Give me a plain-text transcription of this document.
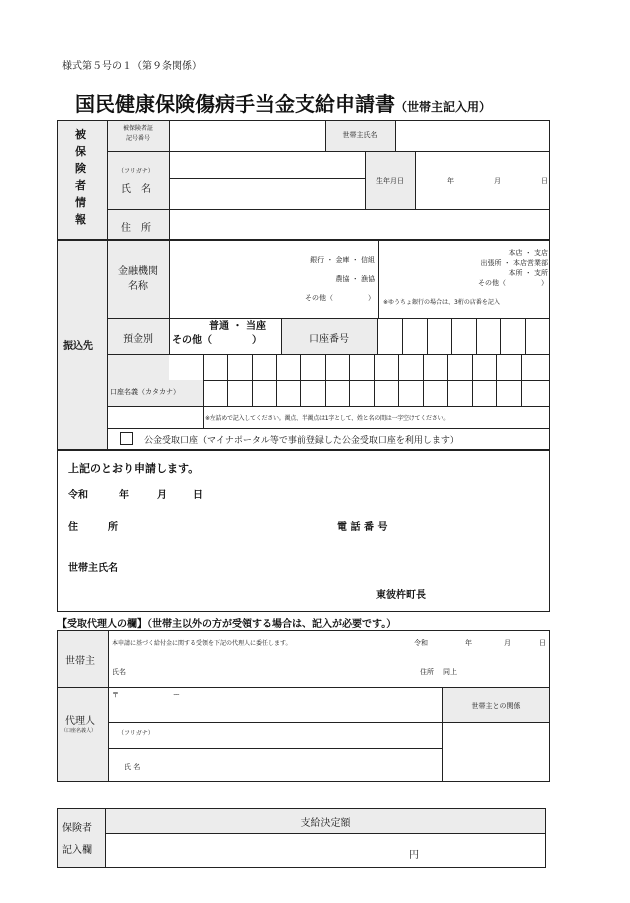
様式第５号の１（第９条関係）
国民健康保険傷病手当金支給申請書（世帯主記入用）
被
保
険
者
情
報
被保険者証
記号番号	世帯主氏名
（フリガナ）
氏　名
生年月日	年	月	日
住　所
振込先
金融機関
名称
銀行 ・ 金庫 ・ 信組
農協 ・ 漁協
その他（　　　　　）
本店 ・ 支店
出張所 ・ 本店営業部
本所 ・ 支所
その他（　　　　　）
※ゆうちょ銀行の場合は、3桁の店番を記入
預金別
普通 ・ 当座
その他（　　　　）	口座番号
口座名義（カタカナ）
※左詰めで記入してください。濁点、半濁点は1字として、姓と名の間は一字空けてください。
公金受取口座（マイナポータル等で事前登録した公金受取口座を利用します）
上記のとおり申請します。
令和	年	月	日
住　　　所	電 話 番 号
世帯主氏名
東彼杵町長
【受取代理人の欄】（世帯主以外の方が受領する場合は、記入が必要です。）
世帯主
本申請に基づく給付金に関する受領を下記の代理人に委任します。	令和	年	月	日
氏名	住所 同上
代理人
（口座名義人）
〒	ー
世帯主との関係
（フリガナ）
氏 名
保険者
記入欄
支給決定額
円
